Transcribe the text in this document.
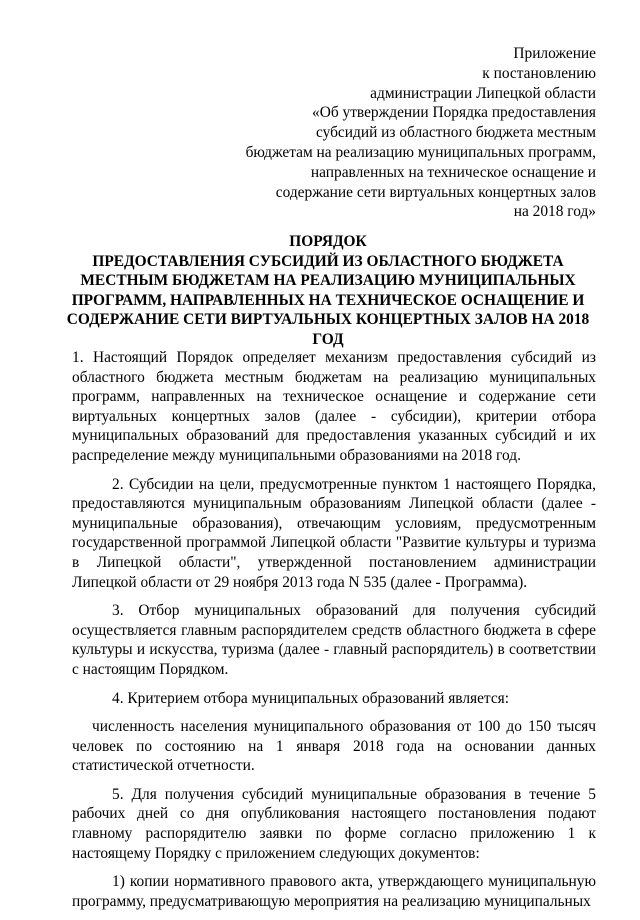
Приложение
к постановлению
администрации Липецкой области
«Об утверждении Порядка предоставления
субсидий из областного бюджета местным
бюджетам на реализацию муниципальных программ,
направленных на техническое оснащение и
содержание сети виртуальных концертных залов
на 2018 год»
ПОРЯДОК
ПРЕДОСТАВЛЕНИЯ СУБСИДИЙ ИЗ ОБЛАСТНОГО БЮДЖЕТА МЕСТНЫМ БЮДЖЕТАМ НА РЕАЛИЗАЦИЮ МУНИЦИПАЛЬНЫХ ПРОГРАММ, НАПРАВЛЕННЫХ НА ТЕХНИЧЕСКОЕ ОСНАЩЕНИЕ И СОДЕРЖАНИЕ СЕТИ ВИРТУАЛЬНЫХ КОНЦЕРТНЫХ ЗАЛОВ НА 2018 ГОД

1. Настоящий Порядок определяет механизм предоставления субсидий из областного бюджета местным бюджетам на реализацию муниципальных программ, направленных на техническое оснащение и содержание сети виртуальных концертных залов (далее - субсидии), критерии отбора муниципальных образований для предоставления указанных субсидий и их распределение между муниципальными образованиями на 2018 год.

2. Субсидии на цели, предусмотренные пунктом 1 настоящего Порядка, предоставляются муниципальным образованиям Липецкой области (далее - муниципальные образования), отвечающим условиям, предусмотренным государственной программой Липецкой области "Развитие культуры и туризма в Липецкой области", утвержденной постановлением администрации Липецкой области от 29 ноября 2013 года N 535 (далее - Программа).

3. Отбор муниципальных образований для получения субсидий осуществляется главным распорядителем средств областного бюджета в сфере культуры и искусства, туризма (далее - главный распорядитель) в соответствии с настоящим Порядком.

4. Критерием отбора муниципальных образований является:

численность населения муниципального образования от 100 до 150 тысяч человек по состоянию на 1 января 2018 года на основании данных статистической отчетности.

5. Для получения субсидий муниципальные образования в течение 5 рабочих дней со дня опубликования настоящего постановления подают главному распорядителю заявки по форме согласно приложению 1 к настоящему Порядку с приложением следующих документов:

1) копии нормативного правового акта, утверждающего муниципальную программу, предусматривающую мероприятия на реализацию муниципальных
